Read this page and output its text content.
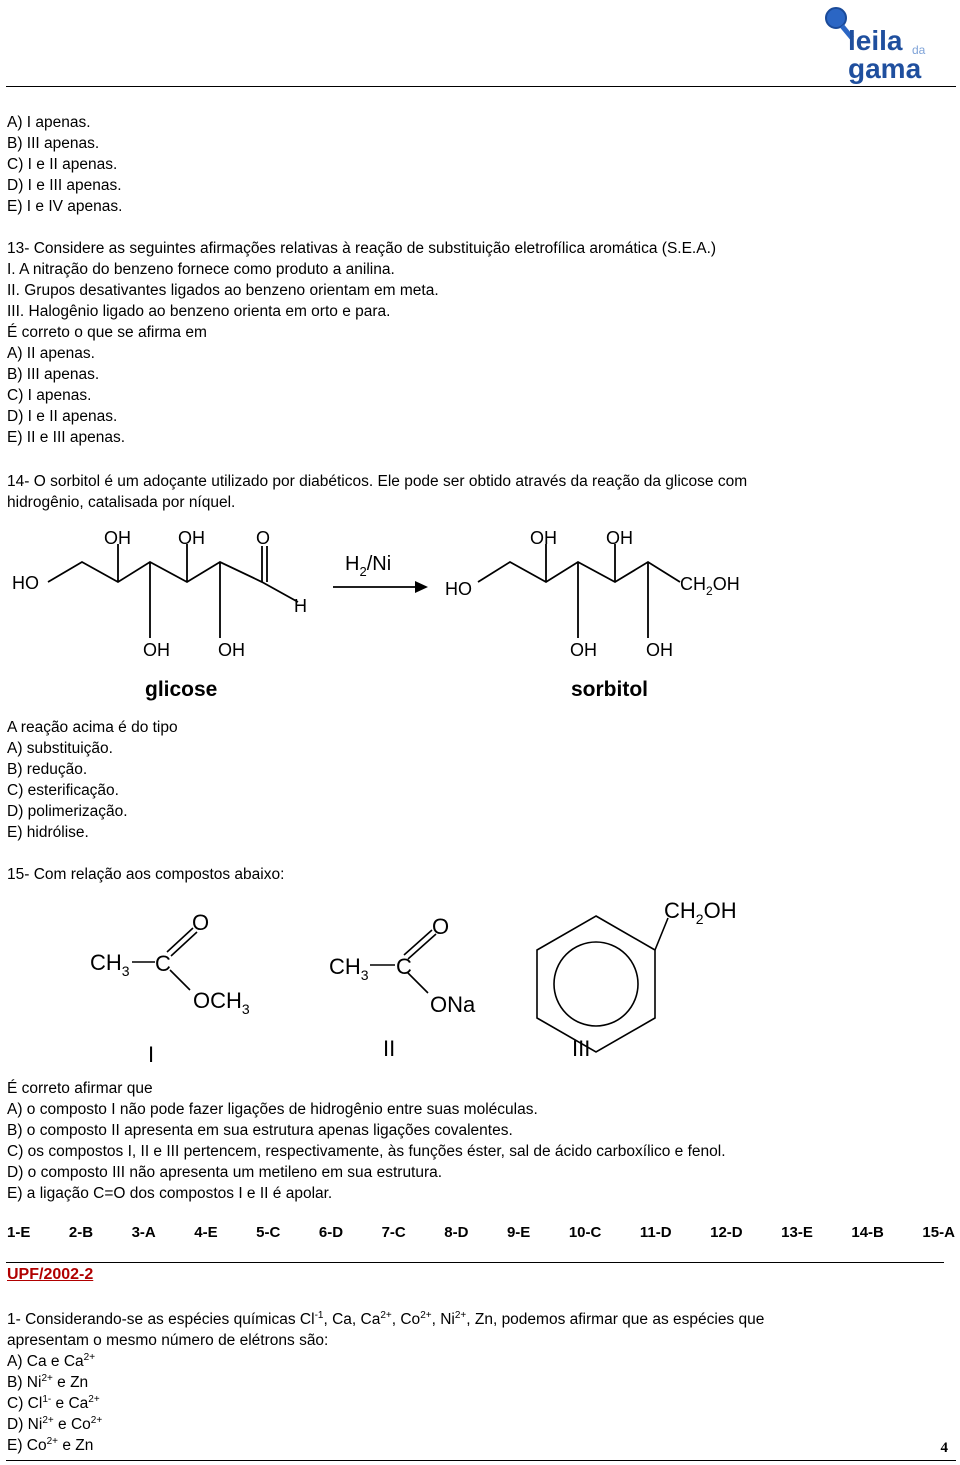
leila da
gama
A) I apenas.
B) III apenas.
C) I e II apenas.
D) I e III apenas.
E) I e IV apenas.
13- Considere as seguintes afirmações relativas à reação de substituição eletrofílica aromática (S.E.A.)
I. A nitração do benzeno fornece como produto a anilina.
II. Grupos desativantes ligados ao benzeno orientam em meta.
III. Halogênio ligado ao benzeno orienta em orto e para.
É correto o que se afirma em
A) II apenas.
B) III apenas.
C) I apenas.
D) I e II apenas.
E) II e III apenas.
14- O sorbitol é um adoçante utilizado por diabéticos. Ele pode ser obtido através da reação da glicose com
hidrogênio, catalisada por níquel.
HO
OH	OH	O
H
OH	OH
HO
OH	OH
OH	OH
$CH_2OH$
$H_2/Ni$
glicose	sorbitol
A reação acima é do tipo
A) substituição.
B) redução.
C) esterificação.
D) polimerização.
E) hidrólise.
15- Com relação aos compostos abaixo:
$CH_3$ C
O
$OCH_3$
$CH_3$ C
O
ONa
$CH_2OH$
I	II	III
É correto afirmar que
A) o composto I não pode fazer ligações de hidrogênio entre suas moléculas.
B) o composto II apresenta em sua estrutura apenas ligações covalentes.
C) os compostos I, II e III pertencem, respectivamente, às funções éster, sal de ácido carboxílico e fenol.
D) o composto III não apresenta um metileno em sua estrutura.
E) a ligação C=O dos compostos I e II é apolar.
1-E	2-B	3-A	4-E	5-C	6-D	7-C	8-D	9-E	10-C	11-D	12-D	13-E	14-B	15-A
UPF/2002-2
1- Considerando-se as espécies químicas $Cl^{-1}$, Ca, $Ca^{2+}$, $Co^{2+}$, $Ni^{2+}$, Zn, podemos afirmar que as espécies que
apresentam o mesmo número de elétrons são:
A) Ca e $Ca^{2+}$
B) $Ni^{2+}$ e Zn
C) $Cl^{1-}$ e $Ca^{2+}$
D) $Ni^{2+}$ e $Co^{2+}$
E) $Co^{2+}$ e Zn	4
